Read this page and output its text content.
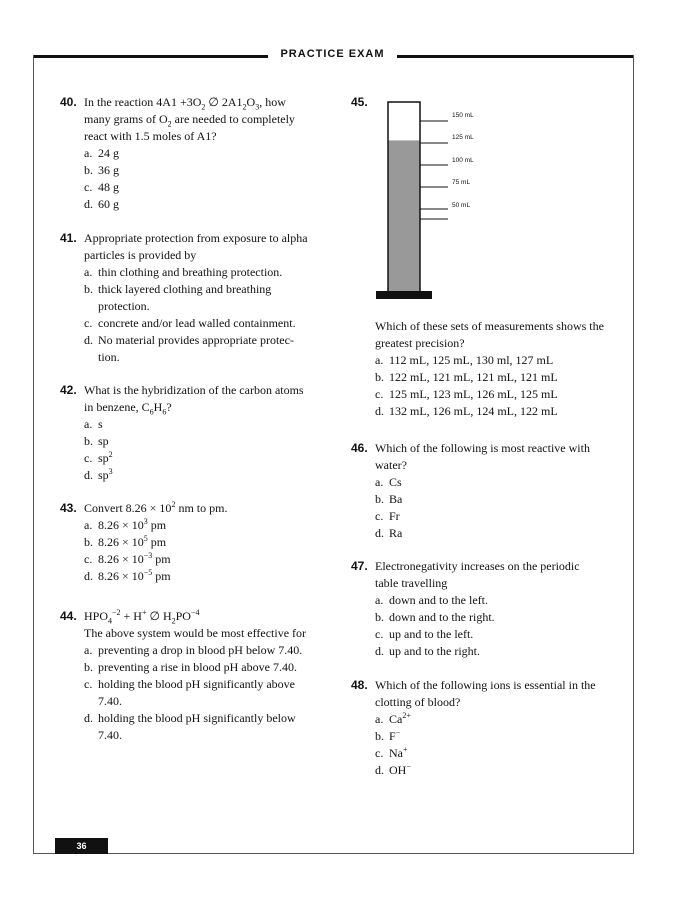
PRACTICE EXAM
36
40. In the reaction $4A1 +3O_2$ ∅ $2A1_2O_3$, how
many grams of $O_2$ are needed to completely
react with 1.5 moles of A1?
a. 24 g
b. 36 g
c. 48 g
d. 60 g
41. Appropriate protection from exposure to alpha
particles is provided by
a. thin clothing and breathing protection.
b. thick layered clothing and breathing
protection.
c. concrete and/or lead walled containment.
d. No material provides appropriate protec-
tion.
42. What is the hybridization of the carbon atoms
in benzene, $C_6H_6$?
a. s
b. sp
c. $sp^2$
d. $sp^3$
43. Convert $8.26 \times 10^2$ nm to pm.
a. $8.26 \times 10^3$ pm
b. $8.26 \times 10^5$ pm
c. $8.26 \times 10^{-3}$ pm
d. $8.26 \times 10^{-5}$ pm
44. $HPO_4^{-2} + H^+$ ∅ $H_2PO^{-4}$
The above system would be most effective for
a. preventing a drop in blood pH below 7.40.
b. preventing a rise in blood pH above 7.40.
c. holding the blood pH significantly above
7.40.
d. holding the blood pH significantly below
7.40.
45.
150 mL
125 mL
100 mL
75 mL
50 mL
Which of these sets of measurements shows the
greatest precision?
a. 112 mL, 125 mL, 130 ml, 127 mL
b. 122 mL, 121 mL, 121 mL, 121 mL
c. 125 mL, 123 mL, 126 mL, 125 mL
d. 132 mL, 126 mL, 124 mL, 122 mL
46. Which of the following is most reactive with
water?
a. Cs
b. Ba
c. Fr
d. Ra
47. Electronegativity increases on the periodic
table travelling
a. down and to the left.
b. down and to the right.
c. up and to the left.
d. up and to the right.
48. Which of the following ions is essential in the
clotting of blood?
a. $Ca^{2+}$
b. F−
c. Na+
d. OH−
